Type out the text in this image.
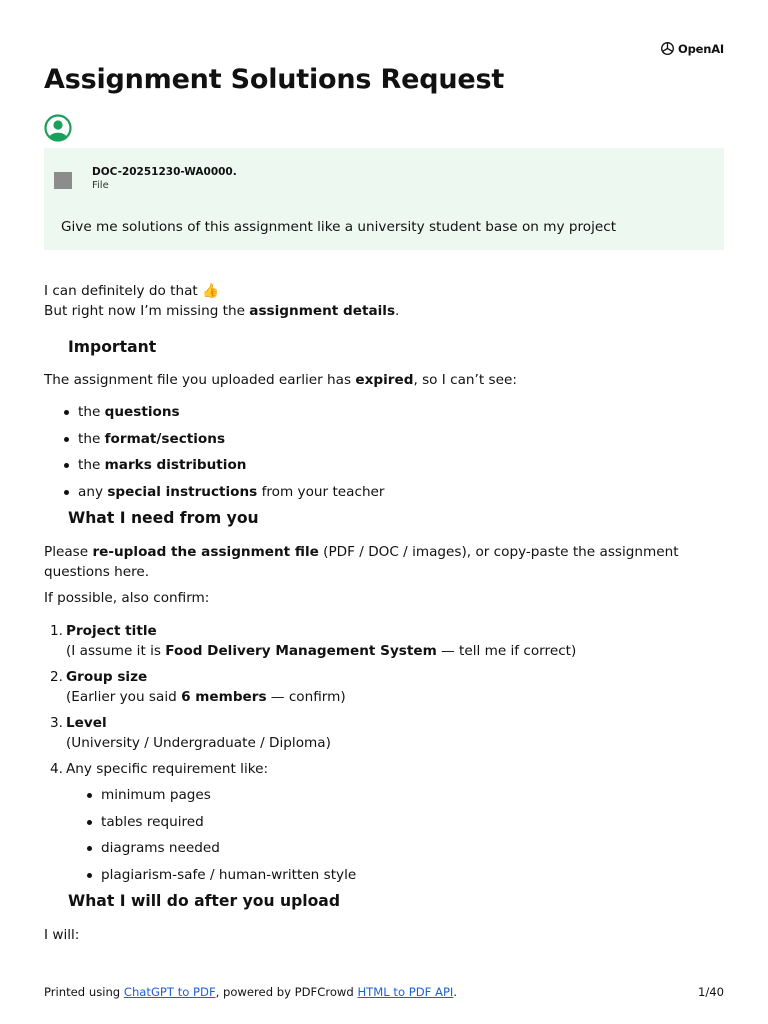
OpenAI
Assignment Solutions Request
DOC-20251230-WA0000.
File
Give me solutions of this assignment like a university student base on my project

I can definitely do that 👍

But right now I’m missing the assignment details.

Important

The assignment file you uploaded earlier has expired, so I can’t see:

the questions
the format/sections
the marks distribution
any special instructions from your teacher
What I need from you

Please re-upload the assignment file (PDF / DOC / images), or copy-paste the assignment questions here.

If possible, also confirm:

1. Project title
(I assume it is Food Delivery Management System — tell me if correct)
2. Group size
(Earlier you said 6 members — confirm)
3. Level
(University / Undergraduate / Diploma)
4. Any specific requirement like:
minimum pages
tables required
diagrams needed
plagiarism-safe / human-written style
What I will do after you upload

I will:

Printed using ChatGPT to PDF, powered by PDFCrowd HTML to PDF API.	1/40
